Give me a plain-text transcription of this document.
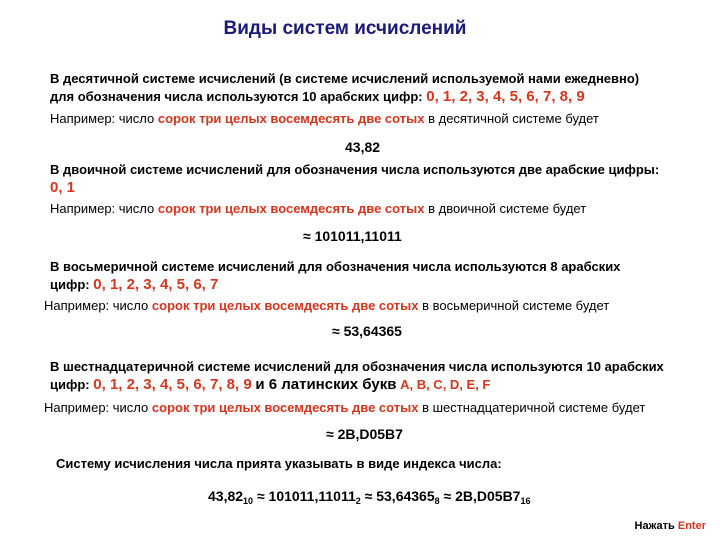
Виды систем исчислений
В десятичной системе исчислений (в системе исчислений используемой нами ежедневно)
для обозначения числа используются 10 арабских цифр: 0, 1, 2, 3, 4, 5, 6, 7, 8, 9
Например: число сорок три целых восемдесять две сотых в десятичной системе будет
43,82
В двоичной системе исчислений для обозначения числа используются две арабские цифры:
0, 1
Например: число сорок три целых восемдесять две сотых в двоичной системе будет
≈ 101011,11011
В восьмеричной системе исчислений для обозначения числа используются 8 арабских
цифр: 0, 1, 2, 3, 4, 5, 6, 7
Например: число сорок три целых восемдесять две сотых в восьмеричной системе будет
≈ 53,64365
В шестнадцатеричной системе исчислений для обозначения числа используются 10 арабских
цифр: 0, 1, 2, 3, 4, 5, 6, 7, 8, 9 и 6 латинских букв A, B, C, D, E, F
Например: число сорок три целых восемдесять две сотых в шестнадцатеричной системе будет
≈ 2B,D05B7
Систему исчисления числа прията указывать в виде индекса числа:
$43,82_{10} \approx 101011,11011_2 \approx 53,64365_8 \approx 2B,D05B7_{16}$
Нажать Enter
